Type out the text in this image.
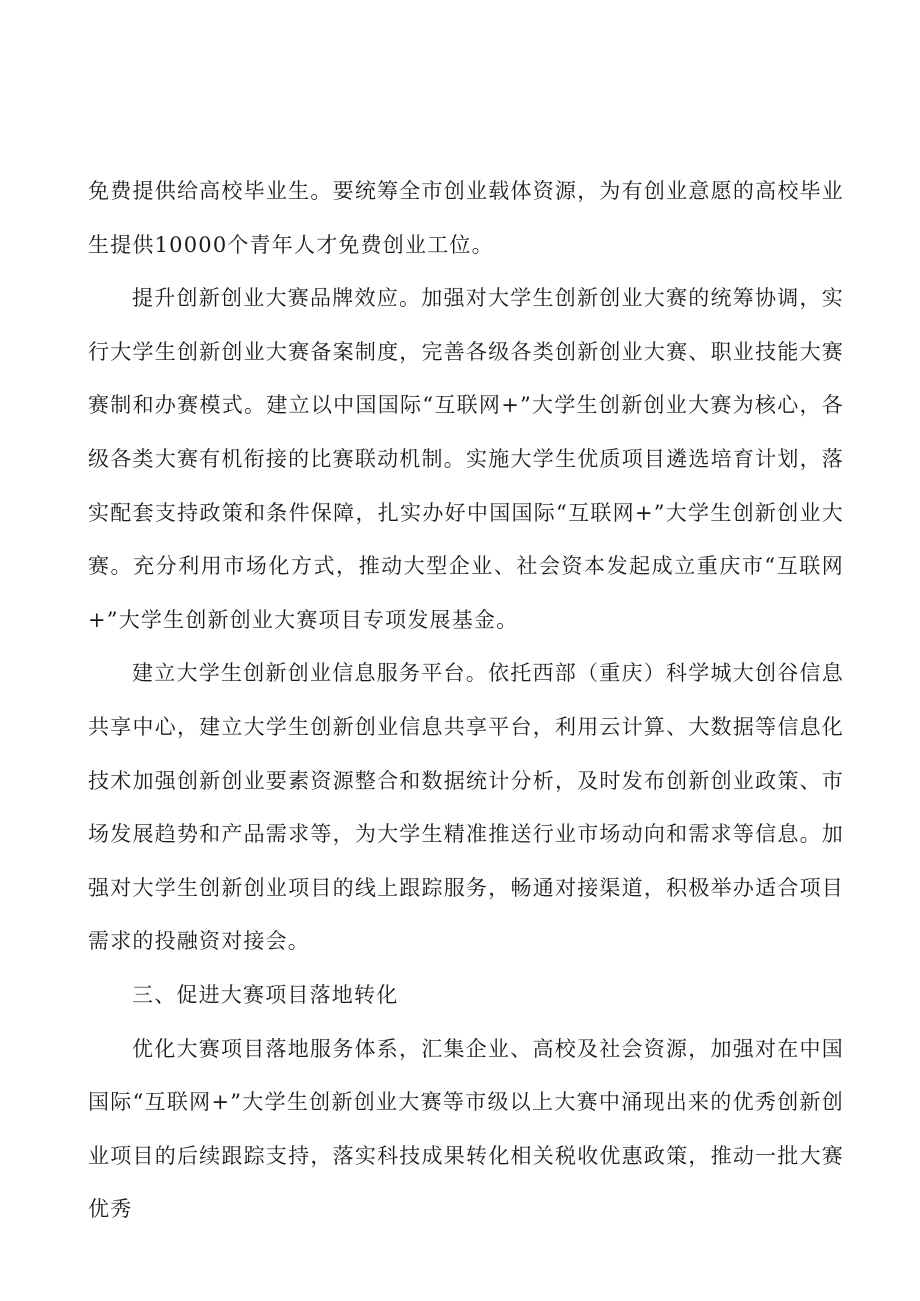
免费提供给高校毕业生。要统筹全市创业载体资源，为有创业意愿的高校毕业生提供10000个青年人才免费创业工位。

提升创新创业大赛品牌效应。加强对大学生创新创业大赛的统筹协调，实行大学生创新创业大赛备案制度，完善各级各类创新创业大赛、职业技能大赛赛制和办赛模式。建立以中国国际“互联网+”大学生创新创业大赛为核心，各级各类大赛有机衔接的比赛联动机制。实施大学生优质项目遴选培育计划，落实配套支持政策和条件保障，扎实办好中国国际“互联网+”大学生创新创业大赛。充分利用市场化方式，推动大型企业、社会资本发起成立重庆市“互联网+”大学生创新创业大赛项目专项发展基金。

建立大学生创新创业信息服务平台。依托西部（重庆）科学城大创谷信息共享中心，建立大学生创新创业信息共享平台，利用云计算、大数据等信息化技术加强创新创业要素资源整合和数据统计分析，及时发布创新创业政策、市场发展趋势和产品需求等，为大学生精准推送行业市场动向和需求等信息。加强对大学生创新创业项目的线上跟踪服务，畅通对接渠道，积极举办适合项目需求的投融资对接会。

三、促进大赛项目落地转化

优化大赛项目落地服务体系，汇集企业、高校及社会资源，加强对在中国国际“互联网+”大学生创新创业大赛等市级以上大赛中涌现出来的优秀创新创业项目的后续跟踪支持，落实科技成果转化相关税收优惠政策，推动一批大赛优秀
